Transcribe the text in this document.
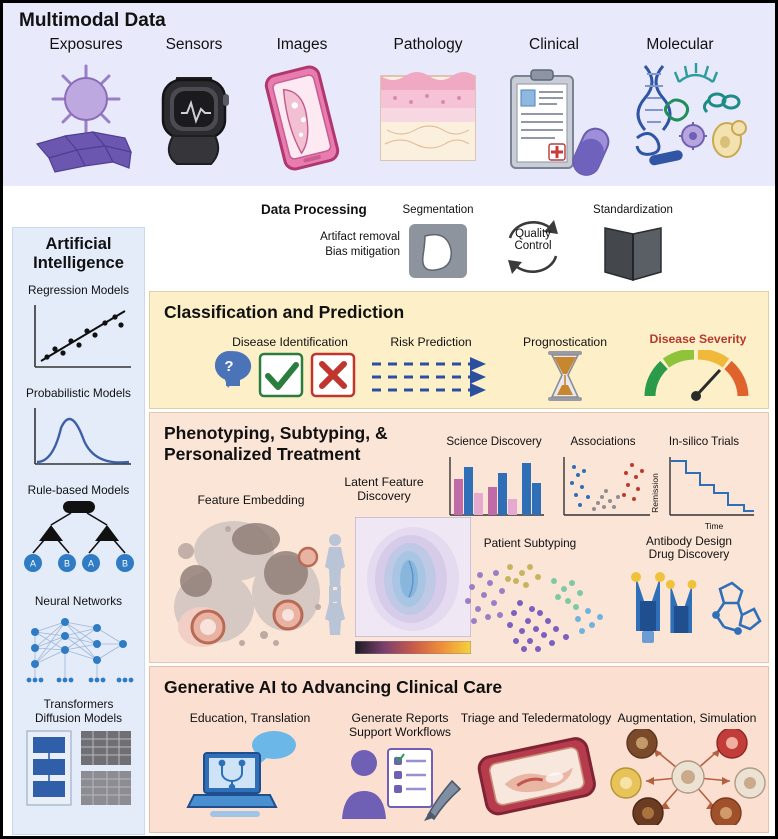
Multimodal Data
Exposures	Sensors	Images	Pathology	Clinical	Molecular
Data Processing
Artifact removal
Bias mitigation
Segmentation
Quality
Control
Standardization
Artificial
Intelligence
Regression Models
Probabilistic Models
Rule-based Models
A	B A	B
Neural Networks
Transformers
Diffusion Models
Classification and Prediction
Disease Identification
?
Risk Prediction	Prognostication	Disease Severity
Phenotyping, Subtyping, &
Personalized Treatment
Feature Embedding
Latent Feature
Discovery
Science Discovery	Associations	In-silico Trials
Remission
Time
Patient Subtyping	Antibody Design
Drug Discovery
Generative AI to Advancing Clinical Care
Education, Translation	Generate Reports
Support Workflows
Triage and Teledermatology Augmentation, Simulation
